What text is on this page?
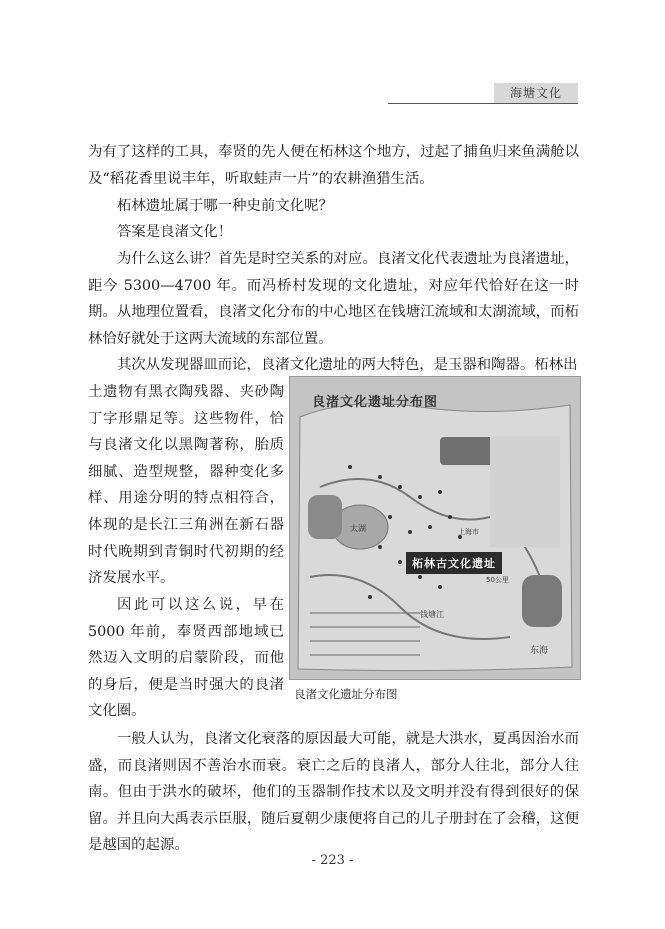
海塘文化

为有了这样的工具，奉贤的先人便在柘林这个地方，过起了捕鱼归来鱼满舱以及“稻花香里说丰年，听取蛙声一片”的农耕渔猎生活。

柘林遗址属于哪一种史前文化呢？

答案是良渚文化！

为什么这么讲？首先是时空关系的对应。良渚文化代表遗址为良渚遗址，距今 5300—4700 年。而冯桥村发现的文化遗址，对应年代恰好在这一时期。从地理位置看，良渚文化分布的中心地区在钱塘江流域和太湖流域，而柘林恰好就处于这两大流域的东部位置。

其次从发现器皿而论，良渚文化遗址的两大特色，是玉器和陶器。柘林出

土遗物有黑衣陶残器、夹砂陶丁字形鼎足等。这些物件，恰与良渚文化以黑陶著称，胎质细腻、造型规整，器种变化多样、用途分明的特点相符合，体现的是长江三角洲在新石器时代晚期到青铜时代初期的经济发展水平。

因此可以这么说，早在 5000 年前，奉贤西部地域已然迈入文明的启蒙阶段，而他的身后，便是当时强大的良渚文化圈。

一般人认为，良渚文化衰落的原因最大可能，就是大洪水，夏禹因治水而盛，而良渚则因不善治水而衰。衰亡之后的良渚人，部分人往北，部分人往南。但由于洪水的破坏，他们的玉器制作技术以及文明并没有得到很好的保留。并且向大禹表示臣服，随后夏朝少康便将自己的儿子册封在了会稽，这便是越国的起源。

良渚文化遗址分布图
柘林古文化遗址
上海市
太湖
钱塘江
东海
50公里
良渚文化遗址分布图
- 223 -
